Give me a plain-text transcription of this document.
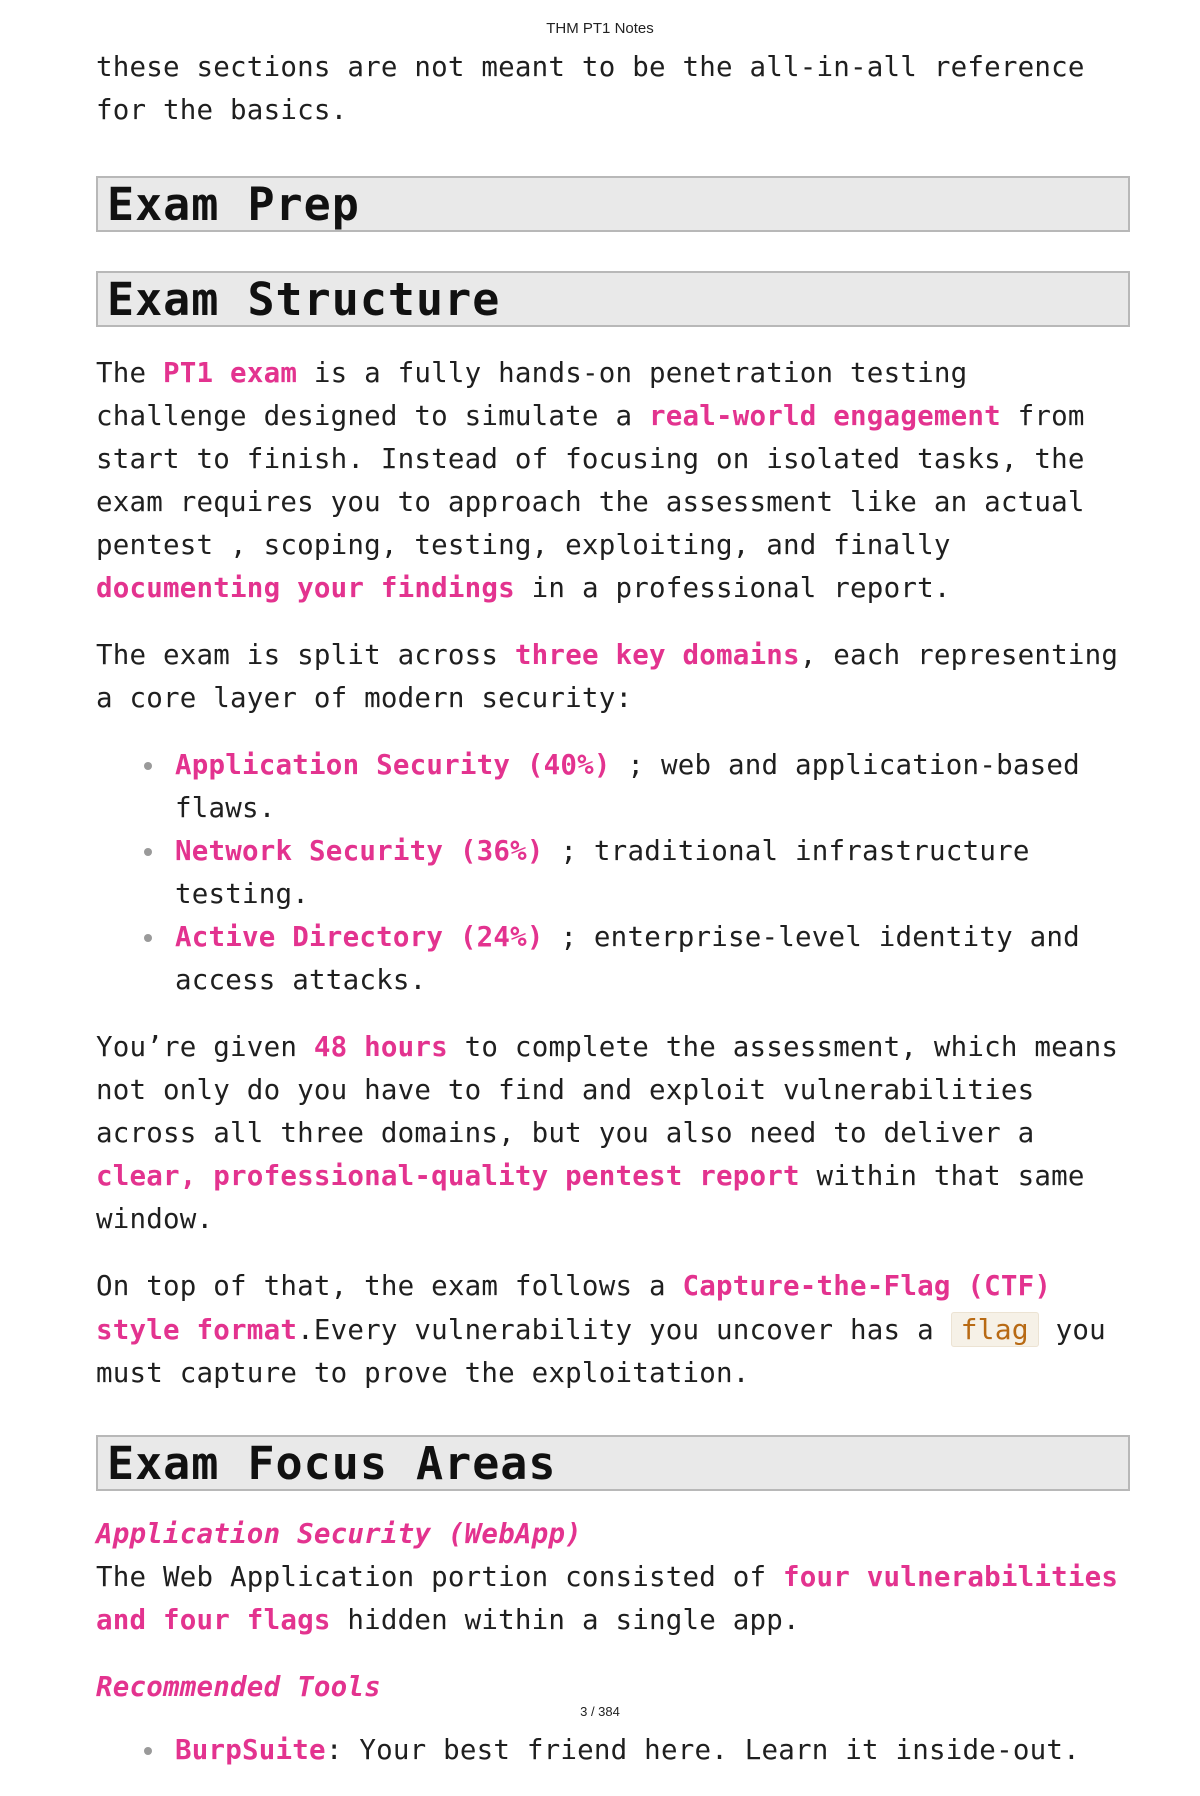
THM PT1 Notes

these sections are not meant to be the all-in-all reference for the basics.

Exam Prep
Exam Structure

The PT1 exam is a fully hands-on penetration testing challenge designed to simulate a real-world engagement from start to finish. Instead of focusing on isolated tasks, the exam requires you to approach the assessment like an actual pentest , scoping, testing, exploiting, and finally documenting your findings in a professional report.

The exam is split across three key domains, each representing a core layer of modern security:

Application Security (40%) ; web and application-based flaws.

Network Security (36%) ; traditional infrastructure testing.

Active Directory (24%) ; enterprise-level identity and access attacks.

You’re given 48 hours to complete the assessment, which means not only do you have to find and exploit vulnerabilities across all three domains, but you also need to deliver a clear, professional-quality pentest report within that same window.

On top of that, the exam follows a Capture-the-Flag (CTF) style format.Every vulnerability you uncover has a flag you must capture to prove the exploitation.

Exam Focus Areas

Application Security (WebApp)

The Web Application portion consisted of four vulnerabilities and four flags hidden within a single app.

Recommended Tools

BurpSuite: Your best friend here. Learn it inside-out.

3 / 384
